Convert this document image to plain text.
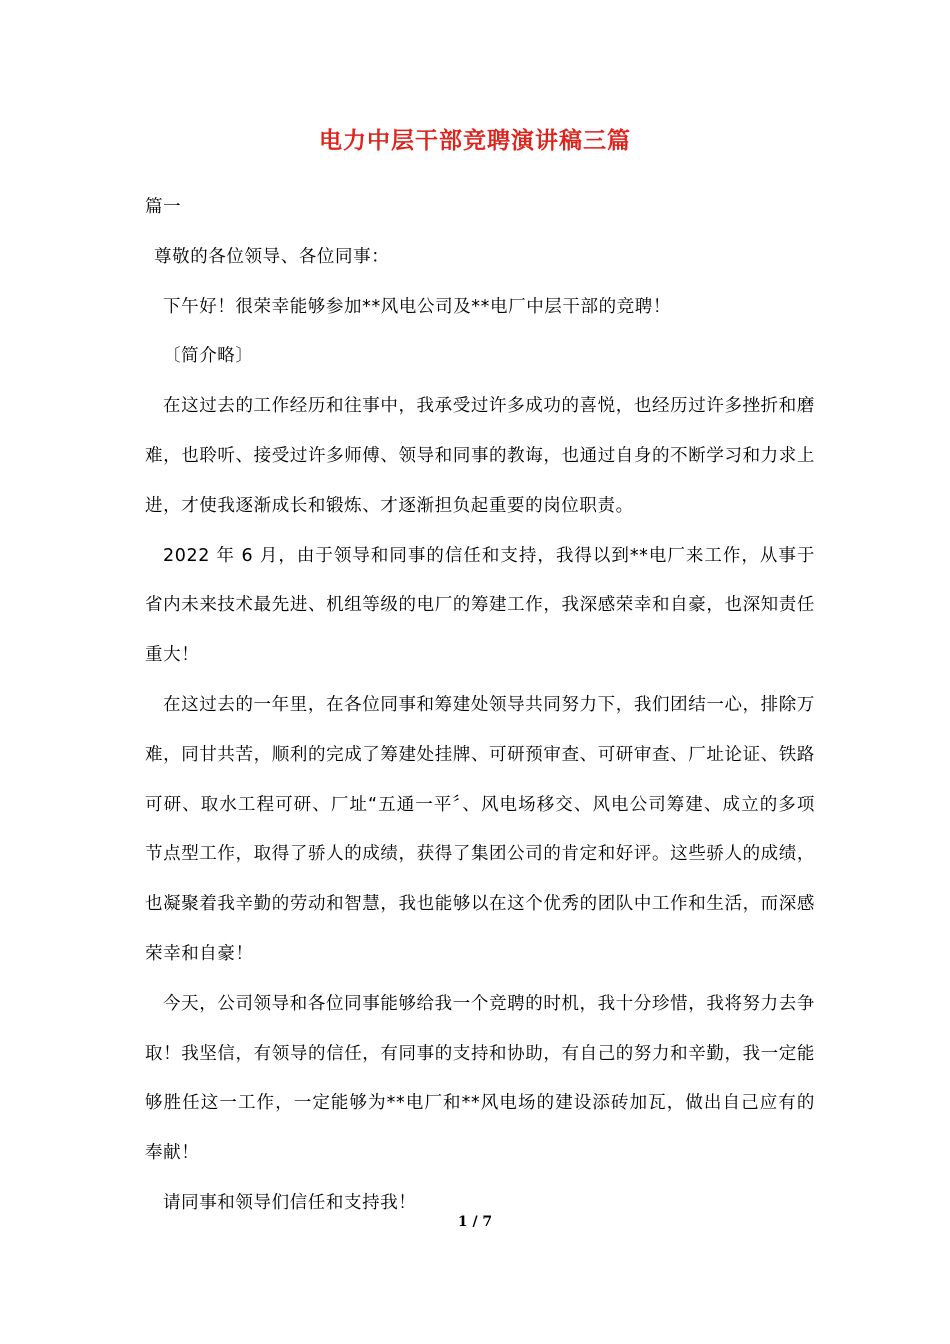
电力中层干部竞聘演讲稿三篇

篇一

尊敬的各位领导、各位同事：

下午好！很荣幸能够参加**风电公司及**电厂中层干部的竞聘！

〔简介略〕

在这过去的工作经历和往事中，我承受过许多成功的喜悦，也经历过许多挫折和磨难，也聆听、接受过许多师傅、领导和同事的教诲，也通过自身的不断学习和力求上进，才使我逐渐成长和锻炼、才逐渐担负起重要的岗位职责。

2022 年 6 月，由于领导和同事的信任和支持，我得以到**电厂来工作，从事于省内未来技术最先进、机组等级的电厂的筹建工作，我深感荣幸和自豪，也深知责任重大！

在这过去的一年里，在各位同事和筹建处领导共同努力下，我们团结一心，排除万难，同甘共苦，顺利的完成了筹建处挂牌、可研预审查、可研审查、厂址论证、铁路可研、取水工程可研、厂址“五通一平〞、风电场移交、风电公司筹建、成立的多项节点型工作，取得了骄人的成绩，获得了集团公司的肯定和好评。这些骄人的成绩，也凝聚着我辛勤的劳动和智慧，我也能够以在这个优秀的团队中工作和生活，而深感荣幸和自豪！

今天，公司领导和各位同事能够给我一个竞聘的时机，我十分珍惜，我将努力去争取！我坚信，有领导的信任，有同事的支持和协助，有自己的努力和辛勤，我一定能够胜任这一工作，一定能够为**电厂和**风电场的建设添砖加瓦，做出自己应有的奉献！

请同事和领导们信任和支持我！

1 / 7
